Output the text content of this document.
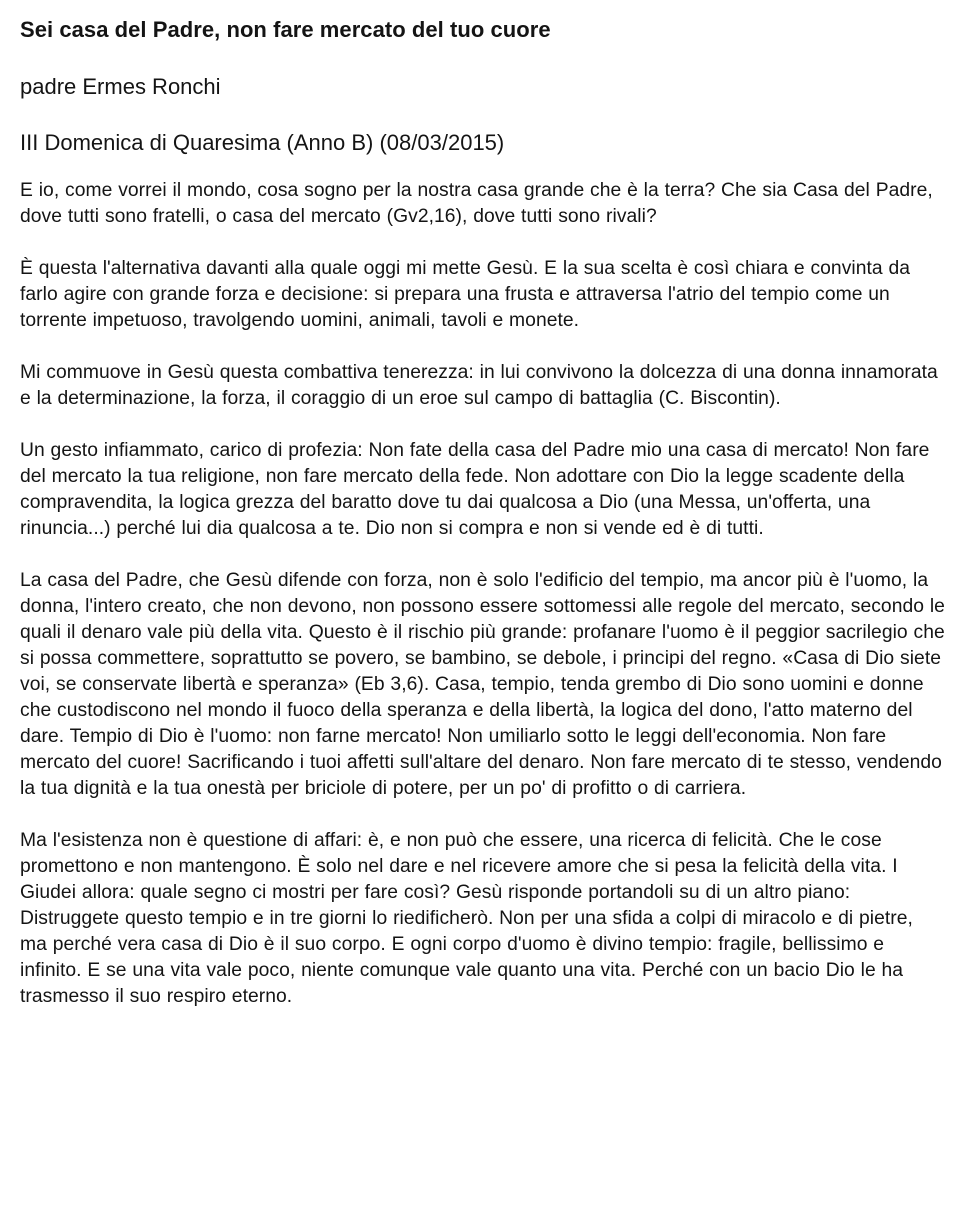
Sei casa del Padre, non fare mercato del tuo cuore
padre Ermes Ronchi
III Domenica di Quaresima (Anno B) (08/03/2015)

E io, come vorrei il mondo, cosa sogno per la nostra casa grande che è la terra? Che sia Casa del Padre, dove tutti sono fratelli, o casa del mercato (Gv2,16), dove tutti sono rivali?

È questa l'alternativa davanti alla quale oggi mi mette Gesù. E la sua scelta è così chiara e convinta da farlo agire con grande forza e decisione: si prepara una frusta e attraversa l'atrio del tempio come un torrente impetuoso, travolgendo uomini, animali, tavoli e monete.

Mi commuove in Gesù questa combattiva tenerezza: in lui convivono la dolcezza di una donna innamorata e la determinazione, la forza, il coraggio di un eroe sul campo di battaglia (C. Biscontin).

Un gesto infiammato, carico di profezia: Non fate della casa del Padre mio una casa di mercato! Non fare del mercato la tua religione, non fare mercato della fede. Non adottare con Dio la legge scadente della compravendita, la logica grezza del baratto dove tu dai qualcosa a Dio (una Messa, un'offerta, una rinuncia...) perché lui dia qualcosa a te. Dio non si compra e non si vende ed è di tutti.

La casa del Padre, che Gesù difende con forza, non è solo l'edificio del tempio, ma ancor più è l'uomo, la donna, l'intero creato, che non devono, non possono essere sottomessi alle regole del mercato, secondo le quali il denaro vale più della vita. Questo è il rischio più grande: profanare l'uomo è il peggior sacrilegio che si possa commettere, soprattutto se povero, se bambino, se debole, i principi del regno. «Casa di Dio siete voi, se conservate libertà e speranza» (Eb 3,6). Casa, tempio, tenda grembo di Dio sono uomini e donne che custodiscono nel mondo il fuoco della speranza e della libertà, la logica del dono, l'atto materno del dare. Tempio di Dio è l'uomo: non farne mercato! Non umiliarlo sotto le leggi dell'economia. Non fare mercato del cuore! Sacrificando i tuoi affetti sull'altare del denaro. Non fare mercato di te stesso, vendendo la tua dignità e la tua onestà per briciole di potere, per un po' di profitto o di carriera.

Ma l'esistenza non è questione di affari: è, e non può che essere, una ricerca di felicità. Che le cose promettono e non mantengono. È solo nel dare e nel ricevere amore che si pesa la felicità della vita. I Giudei allora: quale segno ci mostri per fare così? Gesù risponde portandoli su di un altro piano: Distruggete questo tempio e in tre giorni lo riedificherò. Non per una sfida a colpi di miracolo e di pietre, ma perché vera casa di Dio è il suo corpo. E ogni corpo d'uomo è divino tempio: fragile, bellissimo e infinito. E se una vita vale poco, niente comunque vale quanto una vita. Perché con un bacio Dio le ha trasmesso il suo respiro eterno.
